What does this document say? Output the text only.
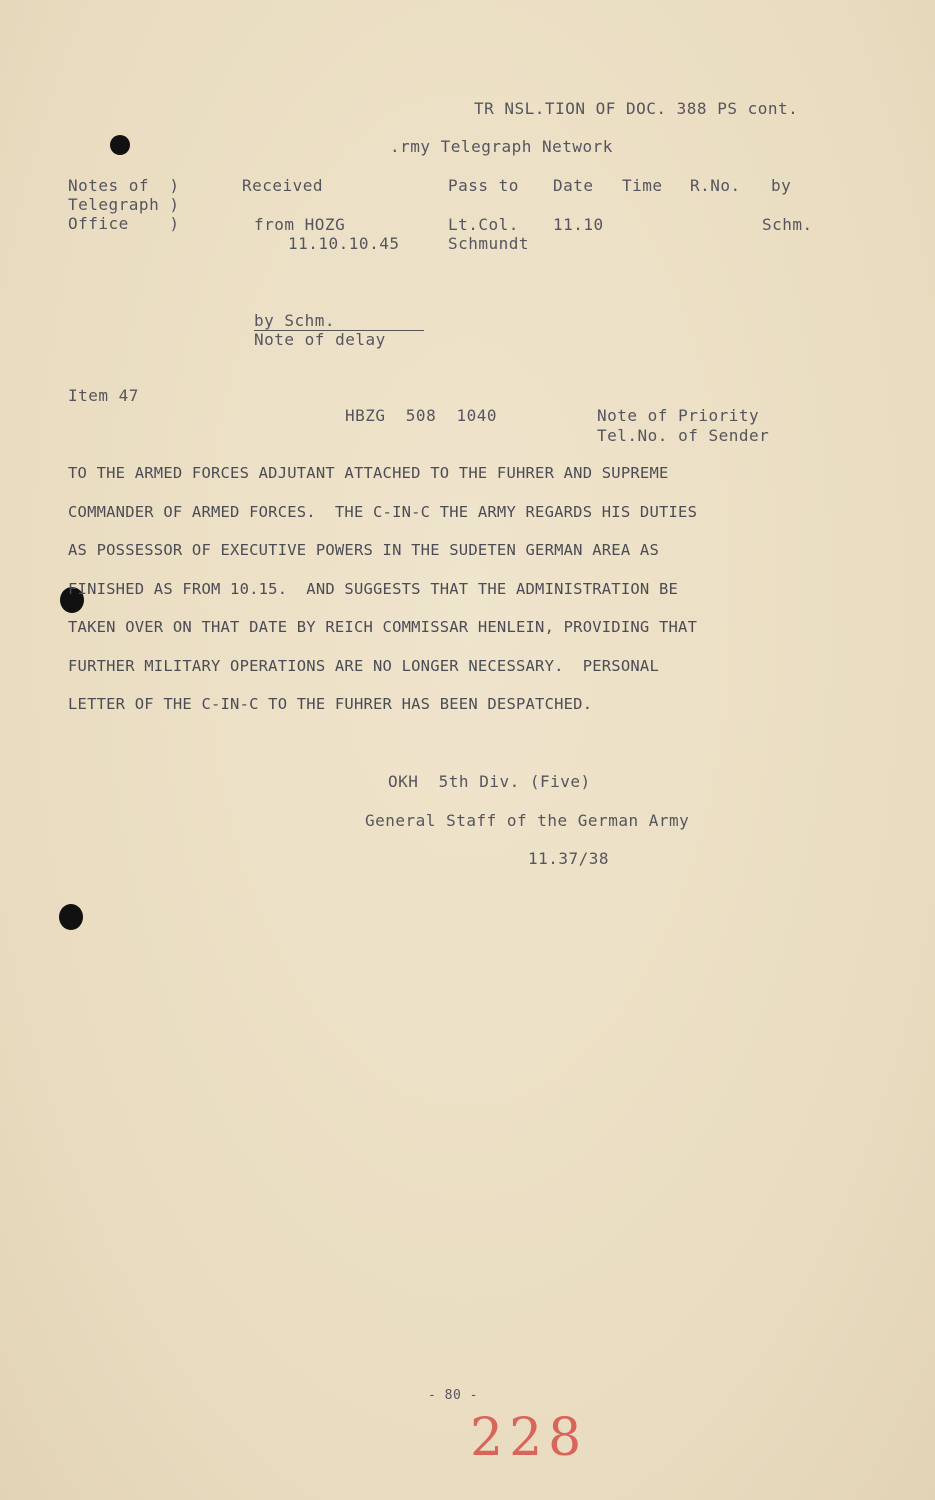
TR NSL.TION OF DOC. 388 PS cont.
.rmy Telegraph Network
Notes of  )
Telegraph )
Office    )
Received
from HOZG
11.10.10.45
Pass to
Lt.Col.
Schmundt
Date
11.10
Time R.No. by
Schm.
by Schm.
Note of delay
Item 47
HBZG  508  1040	Note of Priority
Tel.No. of Sender
TO THE ARMED FORCES ADJUTANT ATTACHED TO THE FUHRER AND SUPREME
COMMANDER OF ARMED FORCES.  THE C-IN-C THE ARMY REGARDS HIS DUTIES
AS POSSESSOR OF EXECUTIVE POWERS IN THE SUDETEN GERMAN AREA AS
FINISHED AS FROM 10.15.  AND SUGGESTS THAT THE ADMINISTRATION BE
TAKEN OVER ON THAT DATE BY REICH COMMISSAR HENLEIN, PROVIDING THAT
FURTHER MILITARY OPERATIONS ARE NO LONGER NECESSARY.  PERSONAL
LETTER OF THE C-IN-C TO THE FUHRER HAS BEEN DESPATCHED.
OKH  5th Div. (Five)
General Staff of the German Army
11.37/38
- 80 -
228
